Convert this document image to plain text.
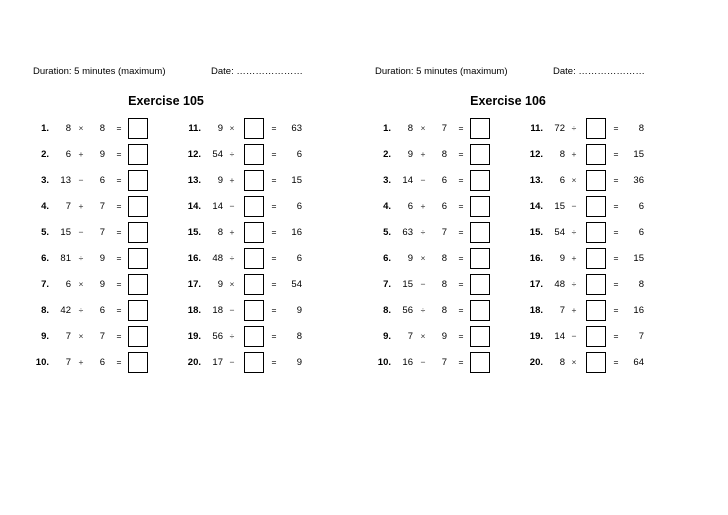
Duration: 5 minutes (maximum)	Date: …………………
Exercise 105
1.	8 ×	8 =	11.	9 ×	=	63
2.	6 +	9 =	12.	54 ÷	=	6
3.	13 −	6 =	13.	9 +	=	15
4.	7 +	7 =	14.	14 −	=	6
5.	15 −	7 =	15.	8 +	=	16
6.	81 ÷	9 =	16.	48 ÷	=	6
7.	6 ×	9 =	17.	9 ×	=	54
8.	42 ÷	6 =	18.	18 −	=	9
9.	7 ×	7 =	19.	56 ÷	=	8
10.	7 +	6 =	20.	17 −	=	9
Duration: 5 minutes (maximum)	Date: …………………
Exercise 106
1.	8 ×	7 =	11.	72 ÷	=	8
2.	9 +	8 =	12.	8 +	=	15
3.	14 −	6 =	13.	6 ×	=	36
4.	6 +	6 =	14.	15 −	=	6
5.	63 ÷	7 =	15.	54 ÷	=	6
6.	9 ×	8 =	16.	9 +	=	15
7.	15 −	8 =	17.	48 ÷	=	8
8.	56 ÷	8 =	18.	7 +	=	16
9.	7 ×	9 =	19.	14 −	=	7
10.	16 −	7 =	20.	8 ×	=	64
